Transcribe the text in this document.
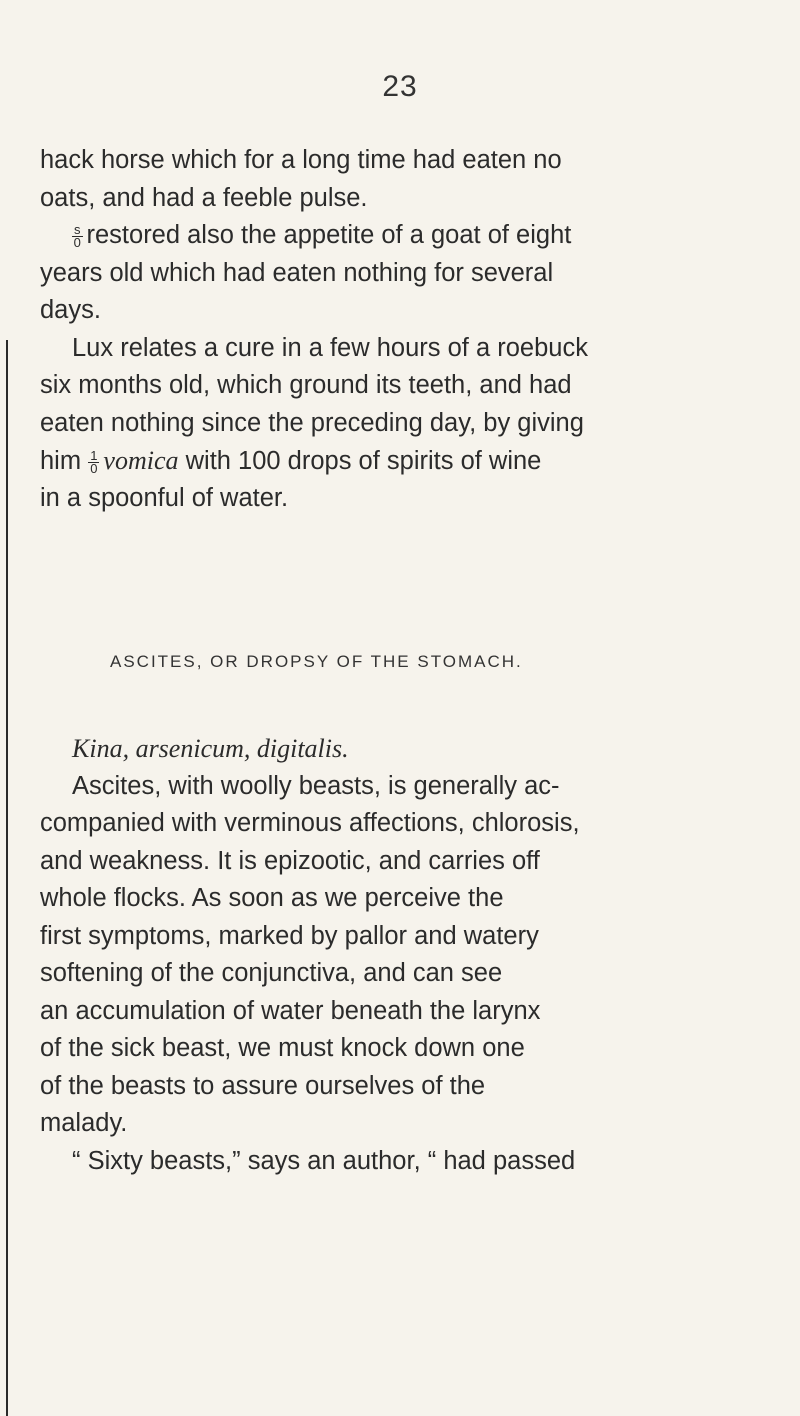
23
hack horse which for a long time had eaten no
oats, and had a feeble pulse.
$\frac{s}{0}$ restored also the appetite of a goat of eight
years old which had eaten nothing for several
days.
Lux relates a cure in a few hours of a roebuck
six months old, which ground its teeth, and had
eaten nothing since the preceding day, by giving
him $\frac{1}{0}$ vomica with 100 drops of spirits of wine
in a spoonful of water.
ASCITES, OR DROPSY OF THE STOMACH.
Kina, arsenicum, digitalis.
Ascites, with woolly beasts, is generally ac-
companied with verminous affections, chlorosis,
and weakness. It is epizootic, and carries off
whole flocks. As soon as we perceive the
first symptoms, marked by pallor and watery
softening of the conjunctiva, and can see
an accumulation of water beneath the larynx
of the sick beast, we must knock down one
of the beasts to assure ourselves of the
malady.
“ Sixty beasts,” says an author, “ had passed
